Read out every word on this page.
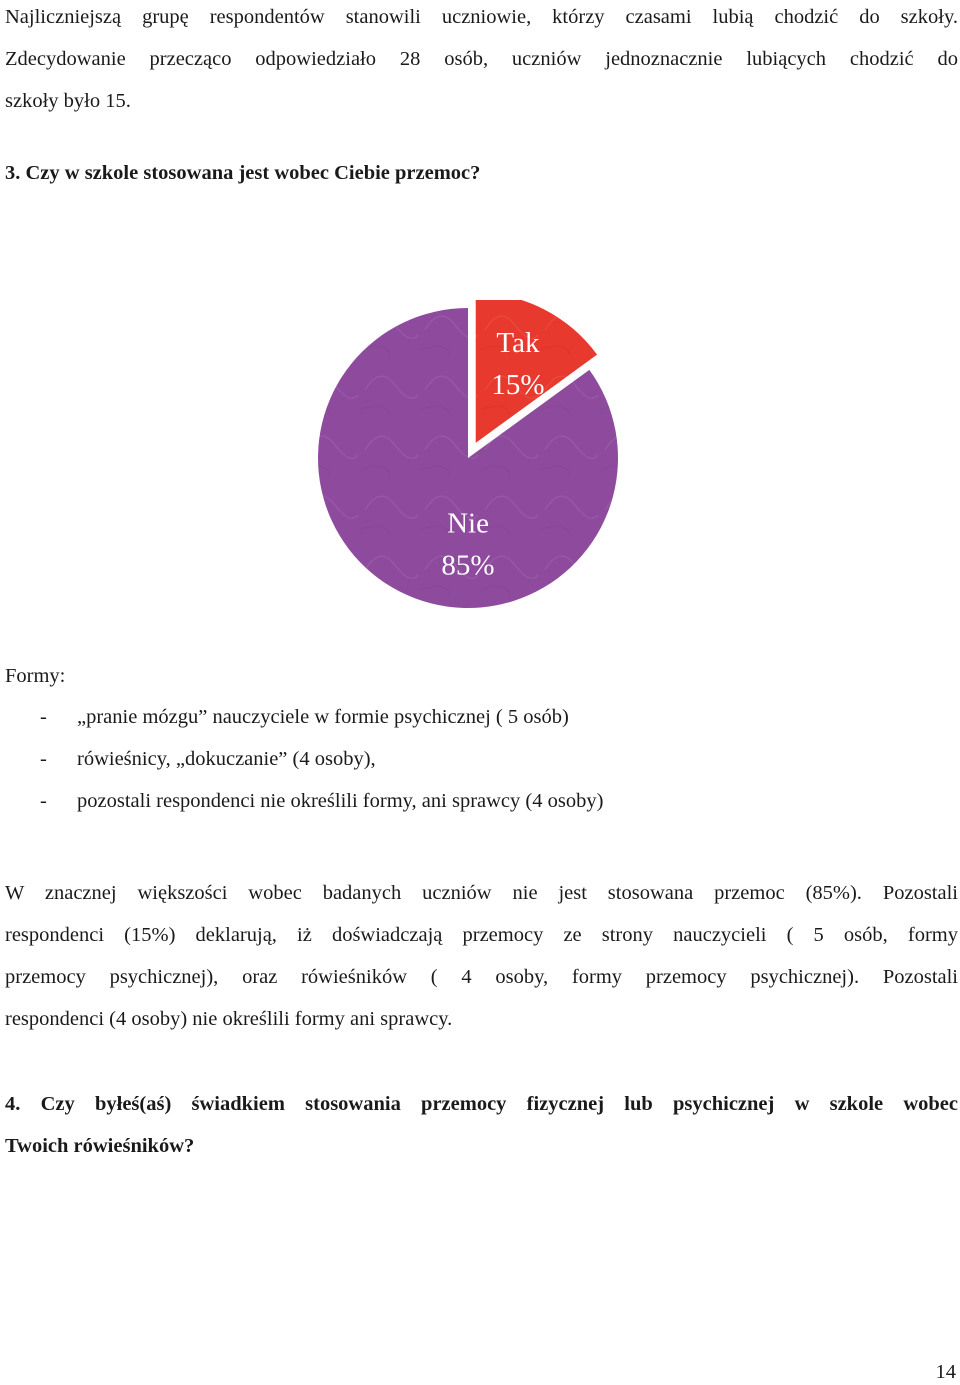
Najliczniejszą grupę respondentów stanowili uczniowie, którzy czasami lubią chodzić do szkoły.
Zdecydowanie przecząco odpowiedziało 28 osób, uczniów jednoznacznie lubiących chodzić do
szkoły było 15.
3. Czy w szkole stosowana jest wobec Ciebie przemoc?
Tak
15%
Nie
85%
Formy:
- „pranie mózgu” nauczyciele w formie psychicznej ( 5 osób)
- rówieśnicy, „dokuczanie” (4 osoby),
- pozostali respondenci nie określili formy, ani sprawcy (4 osoby)
W znacznej większości wobec badanych uczniów nie jest stosowana przemoc (85%). Pozostali
respondenci (15%) deklarują, iż doświadczają przemocy ze strony nauczycieli ( 5 osób, formy
przemocy psychicznej), oraz rówieśników ( 4 osoby, formy przemocy psychicznej). Pozostali
respondenci (4 osoby) nie określili formy ani sprawcy.
4. Czy byłeś(aś) świadkiem stosowania przemocy fizycznej lub psychicznej w szkole wobec
Twoich rówieśników?
14
